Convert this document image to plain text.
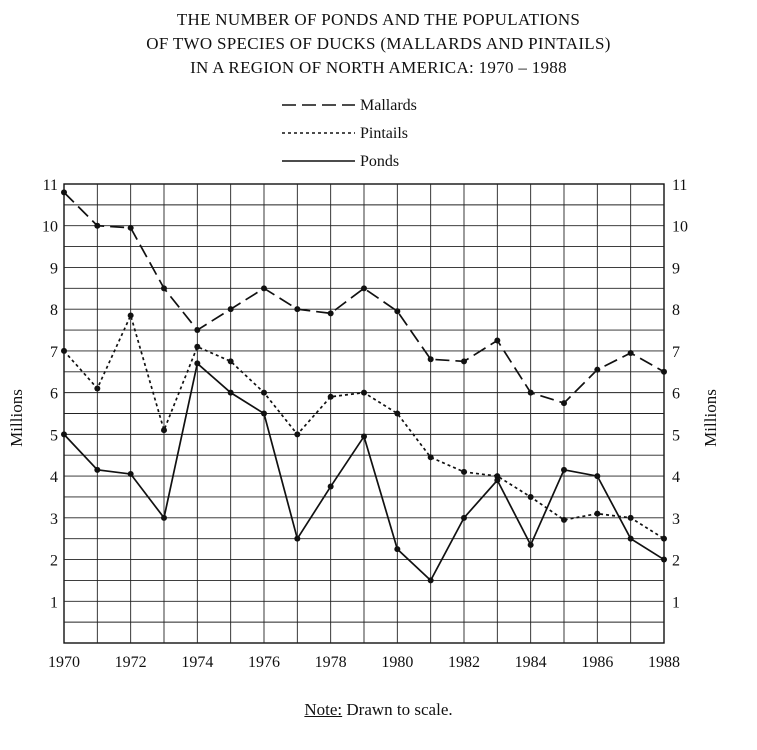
THE NUMBER OF PONDS AND THE POPULATIONS
OF TWO SPECIES OF DUCKS (MALLARDS AND PINTAILS)
IN A REGION OF NORTH AMERICA: 1970 – 1988
Mallards
Pintails
Ponds
1970 1972 1974 1976 1978 1980 1982 1984 1986 1988
1	1
2	2
3	3
4	4
5	5
6	6
7	7
8	8
9	9
10	10
11	11
Millions	Millions
Note: Drawn to scale.
